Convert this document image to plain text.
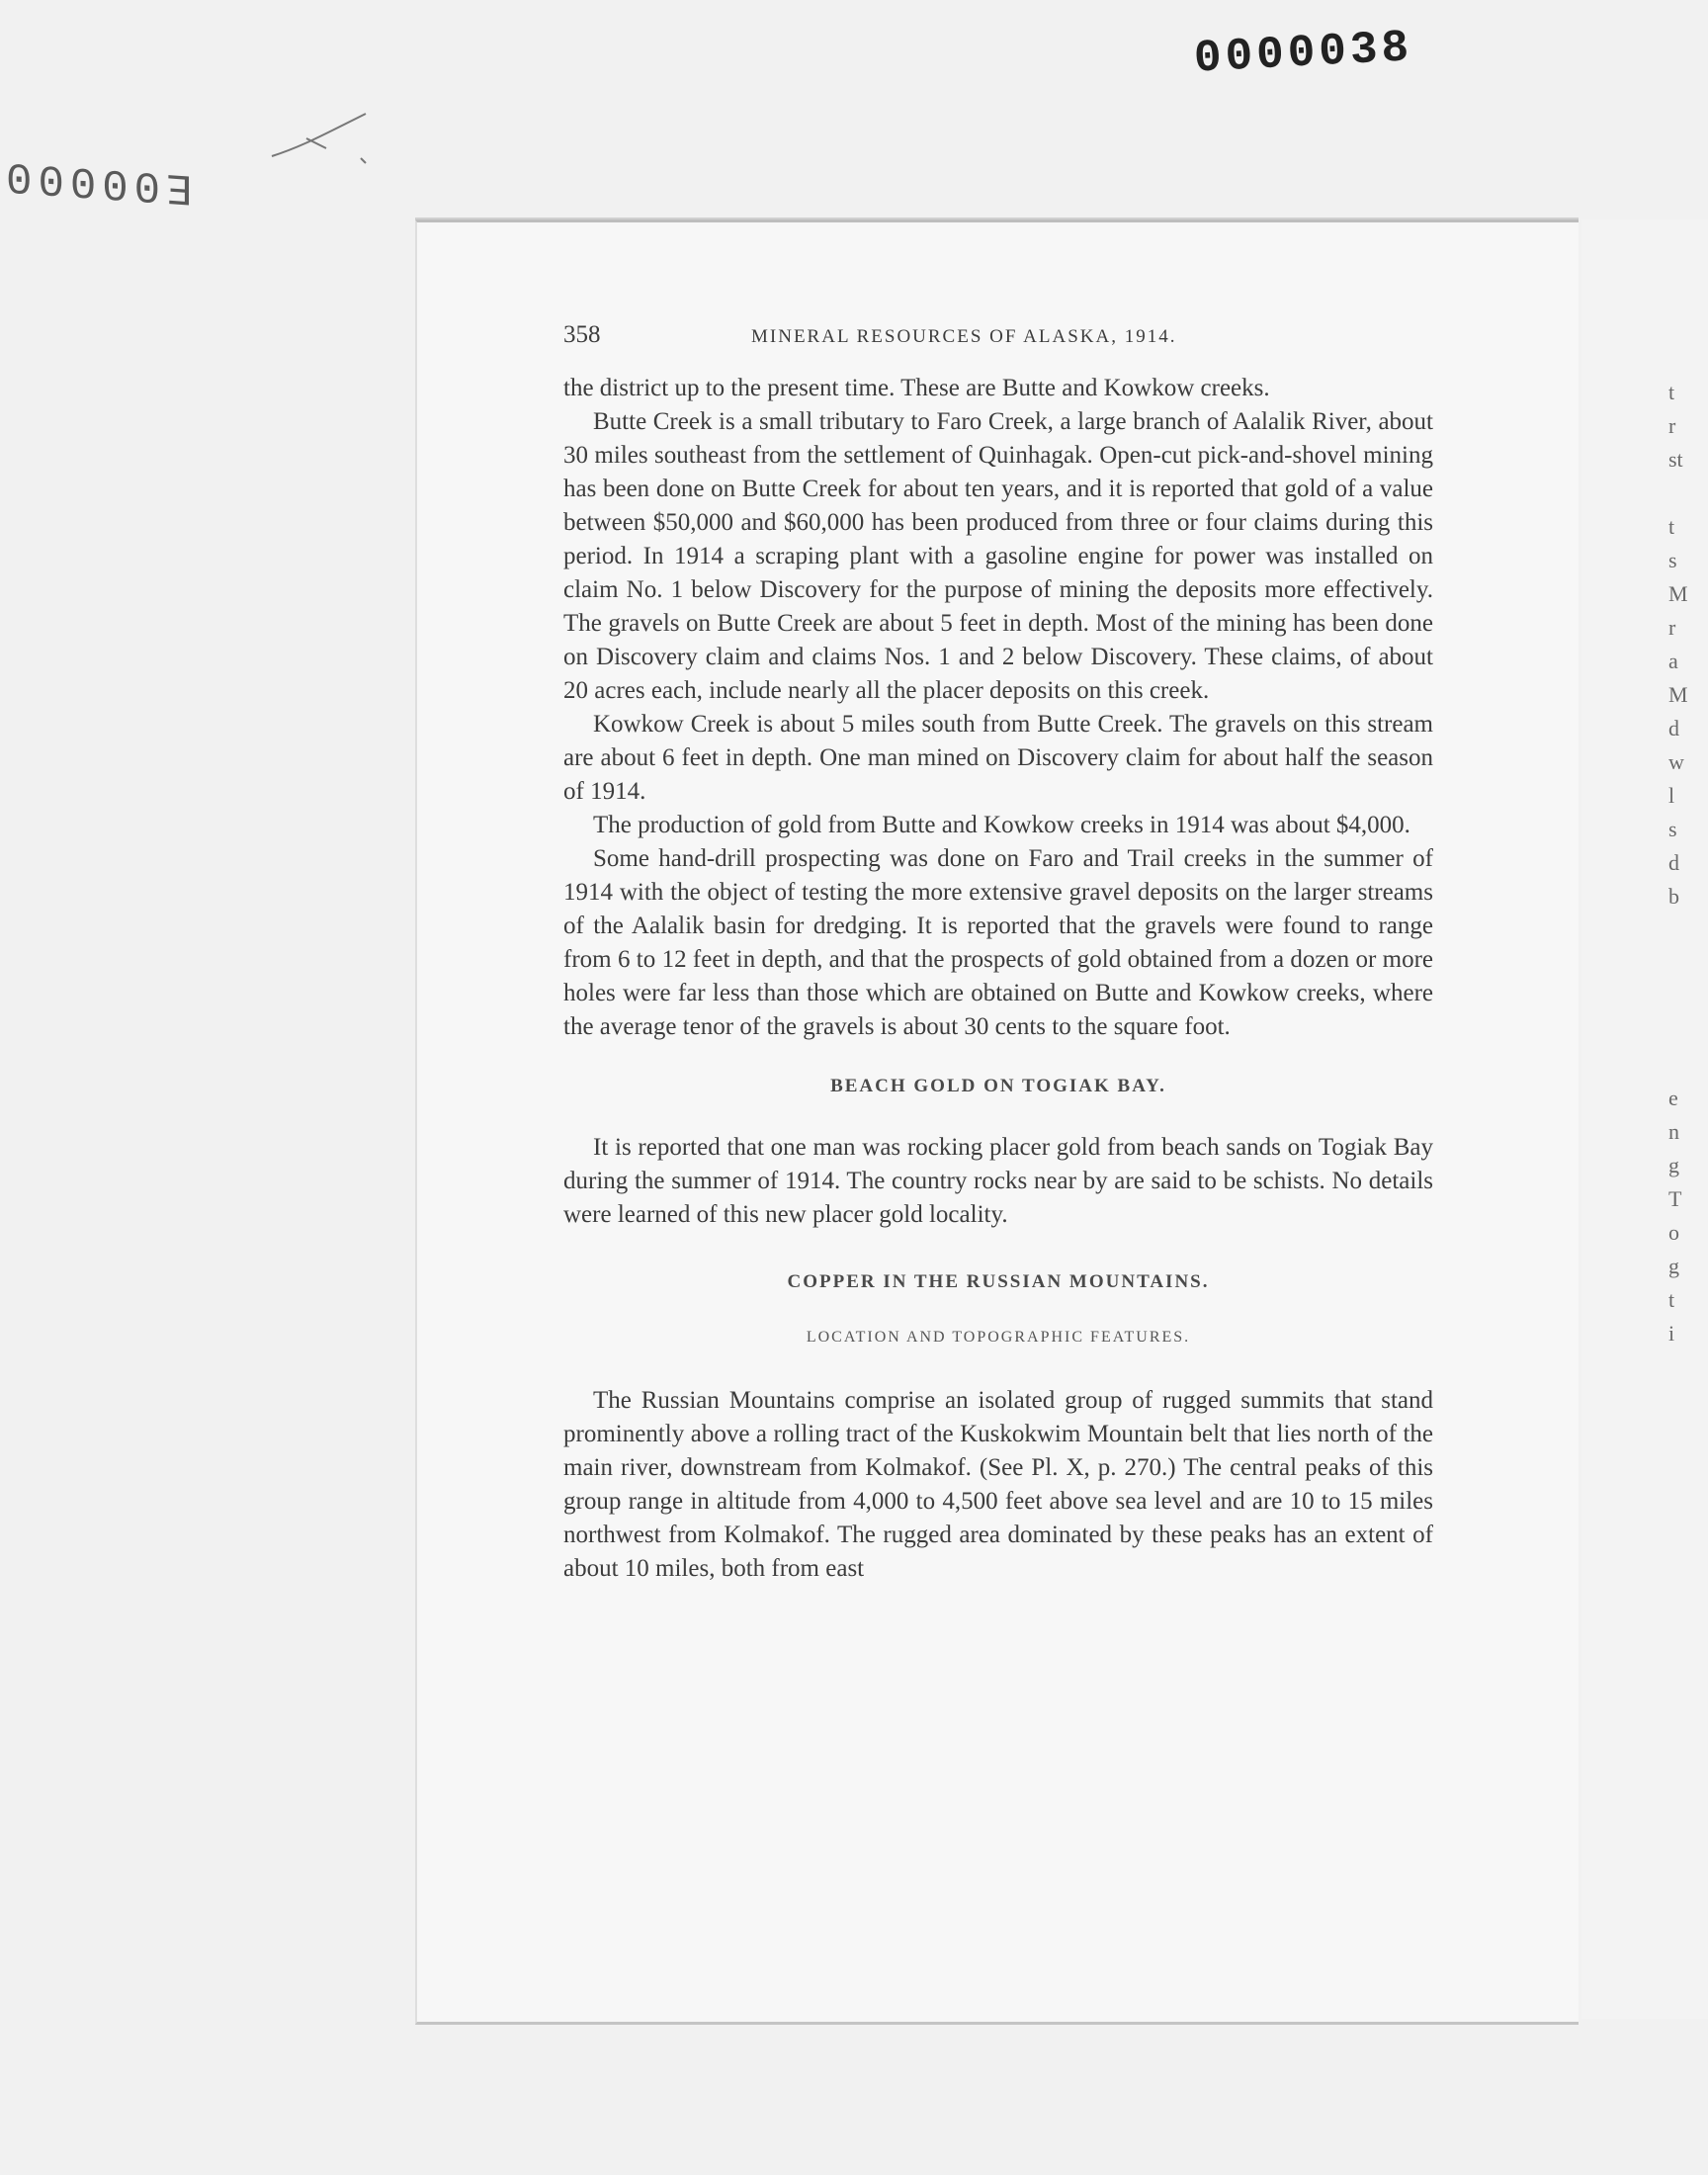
0000038
E00000
t
r
st
t
s
M
r
a
M
d
w
l
s
d
b
e
n
g
T
o
g
t
i
358	MINERAL RESOURCES OF ALASKA, 1914.

the district up to the present time. These are Butte and Kowkow creeks.

Butte Creek is a small tributary to Faro Creek, a large branch of Aalalik River, about 30 miles southeast from the settlement of Quinhagak. Open-cut pick-and-shovel mining has been done on Butte Creek for about ten years, and it is reported that gold of a value between $50,000 and $60,000 has been produced from three or four claims during this period. In 1914 a scraping plant with a gasoline engine for power was installed on claim No. 1 below Discovery for the purpose of mining the deposits more effectively. The gravels on Butte Creek are about 5 feet in depth. Most of the mining has been done on Discovery claim and claims Nos. 1 and 2 below Discovery. These claims, of about 20 acres each, include nearly all the placer deposits on this creek.

Kowkow Creek is about 5 miles south from Butte Creek. The gravels on this stream are about 6 feet in depth. One man mined on Discovery claim for about half the season of 1914.

The production of gold from Butte and Kowkow creeks in 1914 was about $4,000.

Some hand-drill prospecting was done on Faro and Trail creeks in the summer of 1914 with the object of testing the more extensive gravel deposits on the larger streams of the Aalalik basin for dredging. It is reported that the gravels were found to range from 6 to 12 feet in depth, and that the prospects of gold obtained from a dozen or more holes were far less than those which are obtained on Butte and Kowkow creeks, where the average tenor of the gravels is about 30 cents to the square foot.

BEACH GOLD ON TOGIAK BAY.

It is reported that one man was rocking placer gold from beach sands on Togiak Bay during the summer of 1914. The country rocks near by are said to be schists. No details were learned of this new placer gold locality.

COPPER IN THE RUSSIAN MOUNTAINS.
LOCATION AND TOPOGRAPHIC FEATURES.

The Russian Mountains comprise an isolated group of rugged summits that stand prominently above a rolling tract of the Kuskokwim Mountain belt that lies north of the main river, downstream from Kolmakof. (See Pl. X, p. 270.) The central peaks of this group range in altitude from 4,000 to 4,500 feet above sea level and are 10 to 15 miles northwest from Kolmakof. The rugged area dominated by these peaks has an extent of about 10 miles, both from east
